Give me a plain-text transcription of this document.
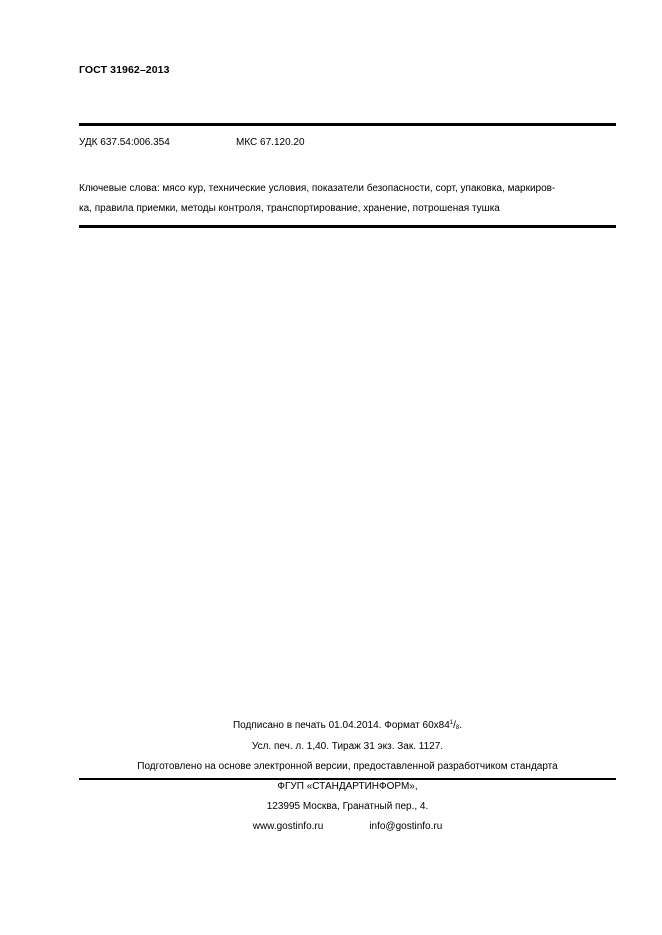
ГОСТ 31962–2013
УДК 637.54:006.354	МКС 67.120.20
Ключевые слова: мясо кур, технические условия, показатели безопасности, сорт, упаковка, маркиров-
ка, правила приемки, методы контроля, транспортирование, хранение, потрошеная тушка
Подписано в печать 01.04.2014. Формат $60x84^1/_8$.
Усл. печ. л. 1,40. Тираж 31 экз. Зак. 1127.
Подготовлено на основе электронной версии, предоставленной разработчиком стандарта
ФГУП «СТАНДАРТИНФОРМ»,
123995 Москва, Гранатный пер., 4.
www.gostinfo.ru	info@gostinfo.ru
